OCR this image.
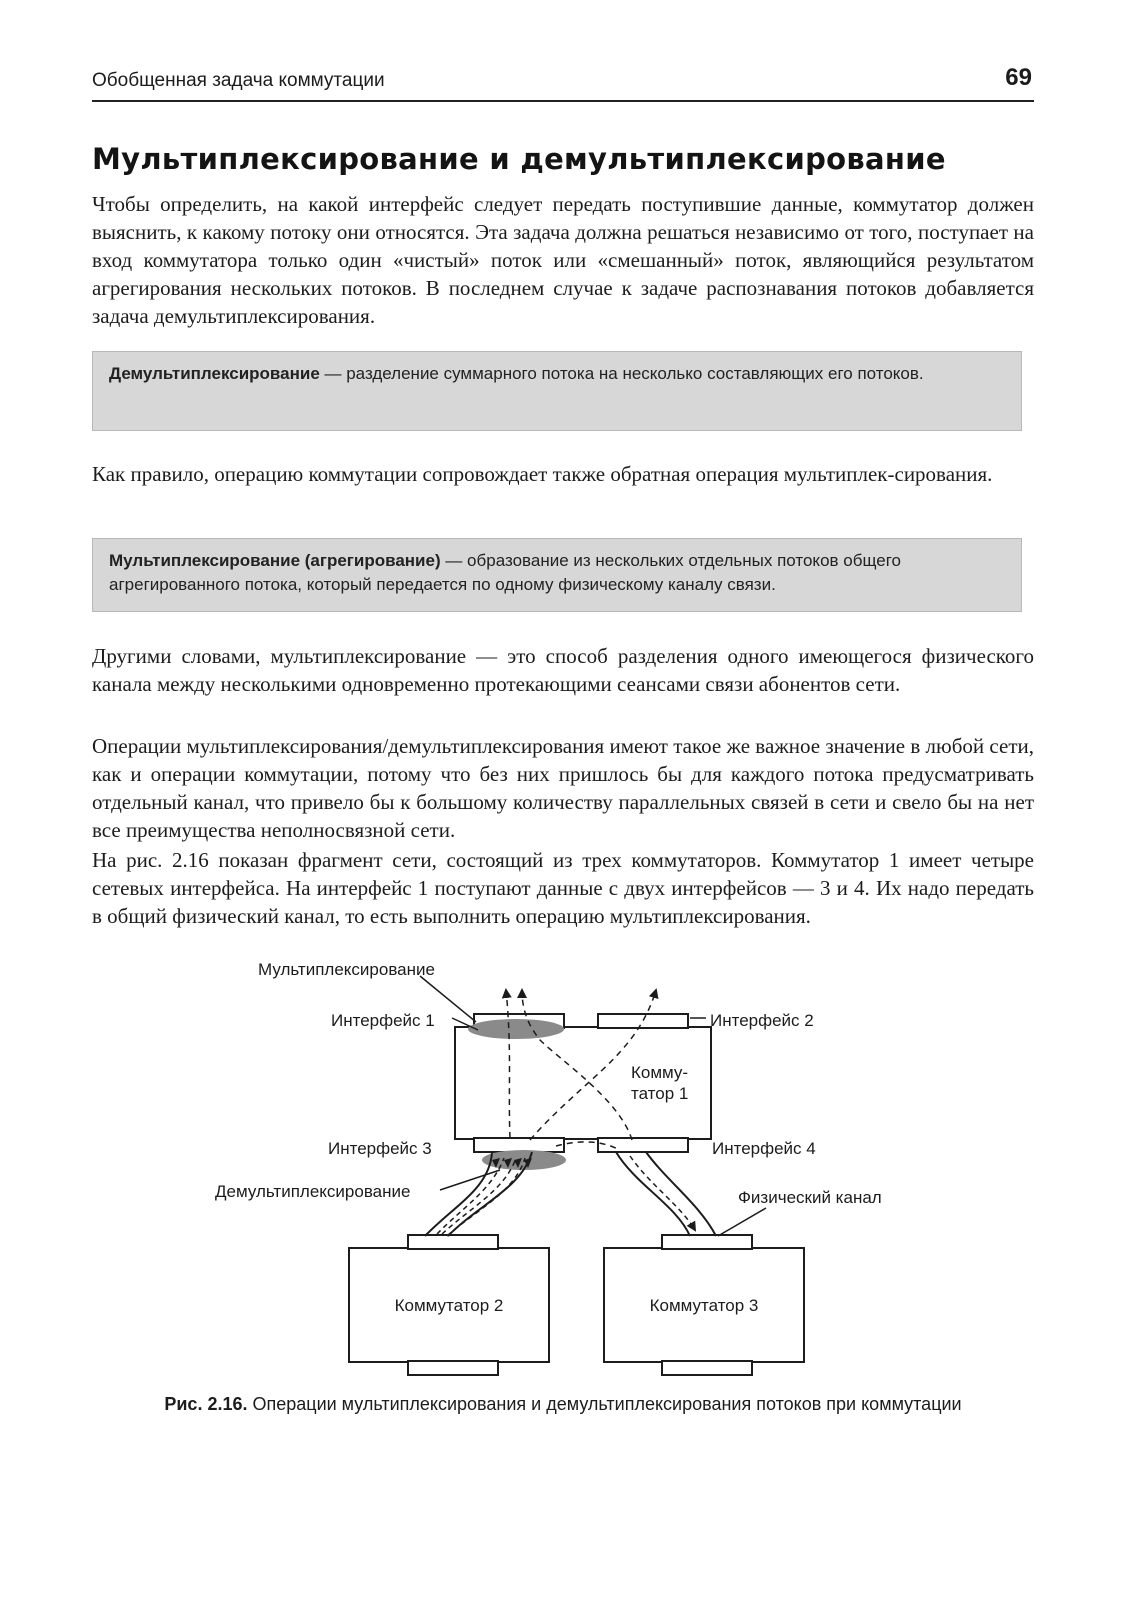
Обобщенная задача коммутации	69
Мультиплексирование и демультиплексирование

Чтобы определить, на какой интерфейс следует передать поступившие данные, коммутатор должен выяснить, к какому потоку они относятся. Эта задача должна решаться независимо от того, поступает на вход коммутатора только один «чистый» поток или «смешанный» поток, являющийся результатом агрегирования нескольких потоков. В последнем случае к задаче распознавания потоков добавляется задача демультиплексирования.

Демультиплексирование — разделение суммарного потока на несколько составляющих его потоков.

Как правило, операцию коммутации сопровождает также обратная операция мультиплек-сирования.

Мультиплексирование (агрегирование) — образование из нескольких отдельных потоков общего агрегированного потока, который передается по одному физическому каналу связи.

Другими словами, мультиплексирование — это способ разделения одного имеющегося физического канала между несколькими одновременно протекающими сеансами связи абонентов сети.

Операции мультиплексирования/демультиплексирования имеют такое же важное значение в любой сети, как и операции коммутации, потому что без них пришлось бы для каждого потока предусматривать отдельный канал, что привело бы к большому количеству параллельных связей в сети и свело бы на нет все преимущества неполносвязной сети.

На рис. 2.16 показан фрагмент сети, состоящий из трех коммутаторов. Коммутатор 1 имеет четыре сетевых интерфейса. На интерфейс 1 поступают данные с двух интерфейсов — 3 и 4. Их надо передать в общий физический канал, то есть выполнить операцию мультиплексирования.

Мультиплексирование
Интерфейс 1	Интерфейс 2
Комму-
татор 1
Интерфейс 3	Интерфейс 4
Демультиплексирование	Физический канал
Коммутатор 2	Коммутатор 3
Рис. 2.16. Операции мультиплексирования и демультиплексирования потоков при коммутации
